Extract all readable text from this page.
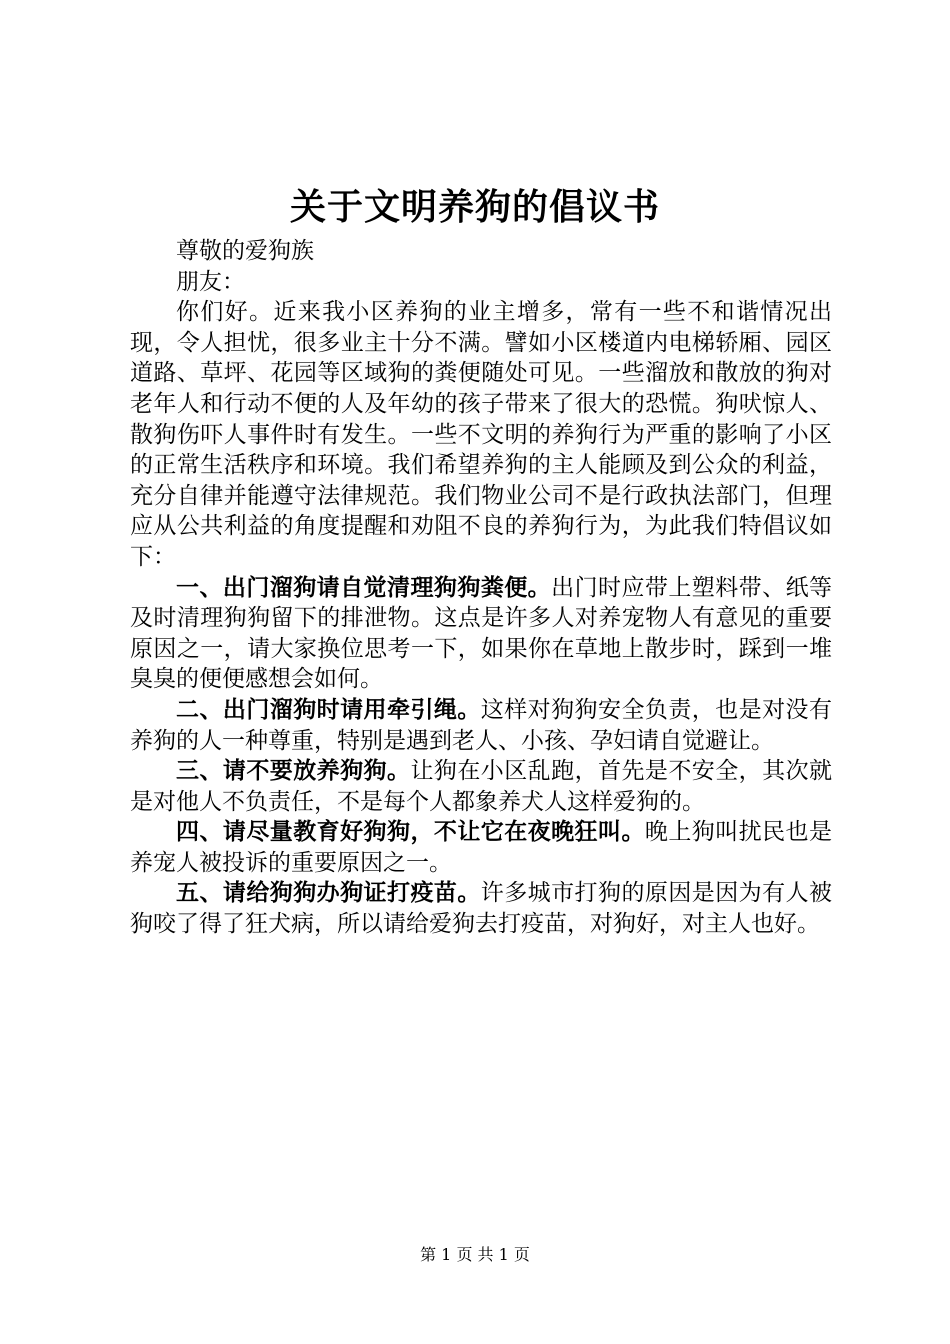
关于文明养狗的倡议书

尊敬的爱狗族

朋友：

你们好。近来我小区养狗的业主增多，常有一些不和谐情况出现，令人担忧，很多业主十分不满。譬如小区楼道内电梯轿厢、园区道路、草坪、花园等区域狗的粪便随处可见。一些溜放和散放的狗对老年人和行动不便的人及年幼的孩子带来了很大的恐慌。狗吠惊人、散狗伤吓人事件时有发生。一些不文明的养狗行为严重的影响了小区的正常生活秩序和环境。我们希望养狗的主人能顾及到公众的利益，充分自律并能遵守法律规范。我们物业公司不是行政执法部门，但理应从公共利益的角度提醒和劝阻不良的养狗行为，为此我们特倡议如下：

一、出门溜狗请自觉清理狗狗粪便。出门时应带上塑料带、纸等及时清理狗狗留下的排泄物。这点是许多人对养宠物人有意见的重要原因之一，请大家换位思考一下，如果你在草地上散步时，踩到一堆臭臭的便便感想会如何。

二、出门溜狗时请用牵引绳。这样对狗狗安全负责，也是对没有养狗的人一种尊重，特别是遇到老人、小孩、孕妇请自觉避让。

三、请不要放养狗狗。让狗在小区乱跑，首先是不安全，其次就是对他人不负责任，不是每个人都象养犬人这样爱狗的。

四、请尽量教育好狗狗，不让它在夜晚狂叫。晚上狗叫扰民也是养宠人被投诉的重要原因之一。

五、请给狗狗办狗证打疫苗。许多城市打狗的原因是因为有人被狗咬了得了狂犬病，所以请给爱狗去打疫苗，对狗好，对主人也好。

第 1 页 共 1 页
